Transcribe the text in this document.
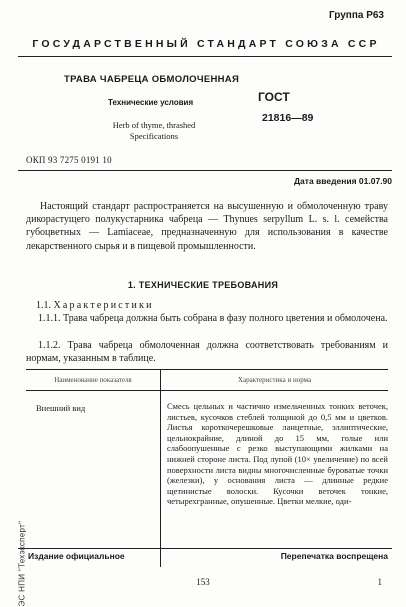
Группа Р63
ГОСУДАРСТВЕННЫЙ СТАНДАРТ СОЮЗА ССР
ТРАВА ЧАБРЕЦА ОБМОЛОЧЕННАЯ
Технические условия
Herb of thyme, thrashed
Specifications
ГОСТ
21816—89
ОКП 93 7275 0191 10
Дата введения 01.07.90
Настоящий стандарт распространяется на высушенную и обмолоченную траву дикорастущего полукустарника чабреца — Thynues serpyllum L. s. l. семейства губоцветных — Lamiaceae, предназначенную для использования в качестве лекарственного сырья и в пищевой промышленности.
1. ТЕХНИЧЕСКИЕ ТРЕБОВАНИЯ
1.1. Характеристики
1.1.1. Трава чабреца должна быть собрана в фазу полного цветения и обмолочена.
1.1.2. Трава чабреца обмолоченная должна соответствовать требованиям и нормам, указанным в таблице.
Наименование показателя	Характеристика и норма
Внешний вид	Смесь цельных и частично измельченных тонких веточек, листьев, кусочков стеблей толщиной до 0,5 мм и цветков. Листья короткочерешковые ланцетные, эллиптические, цельнокрайние, длиной до 15 мм, голые или слабоопушенные с резко выступающими жилками на нижней стороне листа. Под лупой (10× увеличение) по всей поверхности листа видны многочисленные буроватые точки (железки), у основания листа — длинные редкие щетинистые волоски. Кусочки веточек тонкие, четырехгранные, опушенные. Цветки мелкие, оди-
Издание официальное	Перепечатка воспрещена
153	1
ЭС НПИ "Техэксперт"
